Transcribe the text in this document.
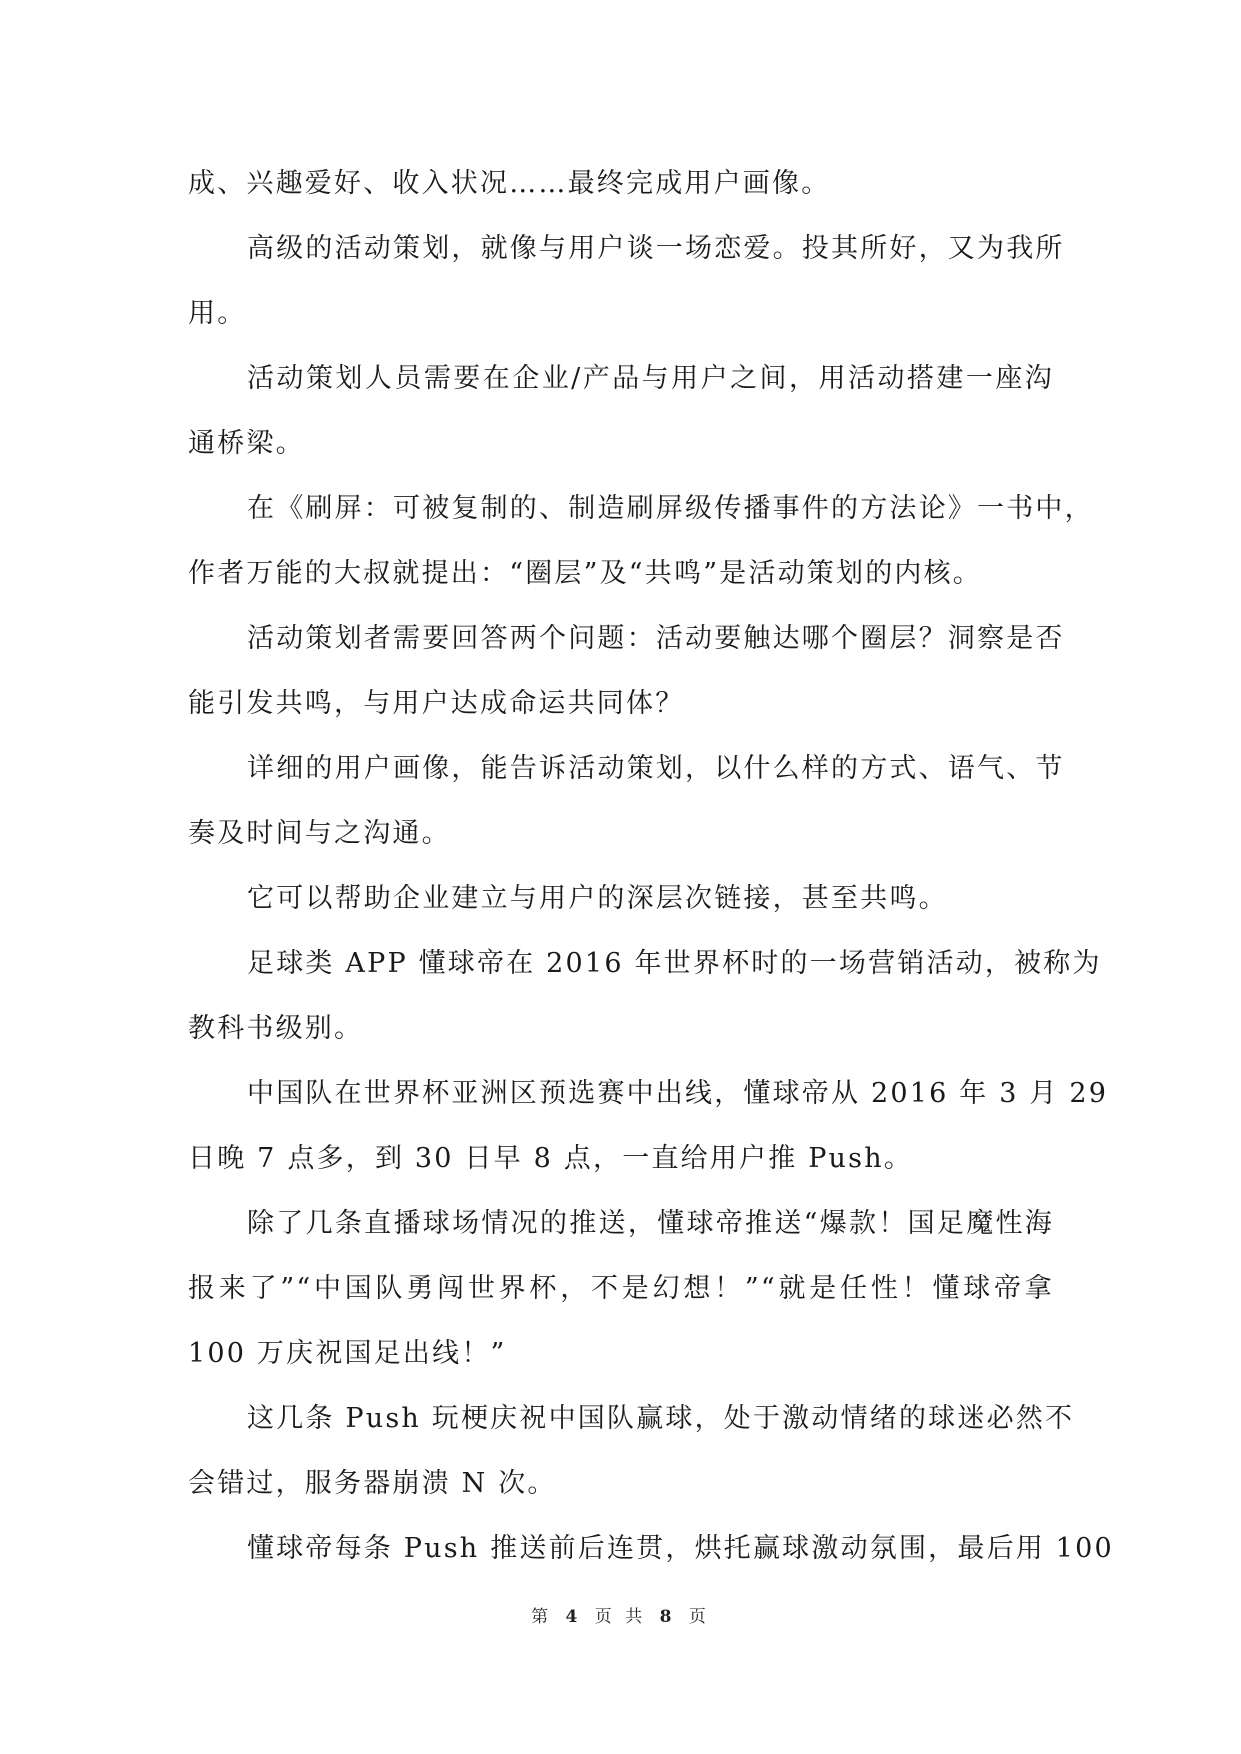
成、兴趣爱好、收入状况……最终完成用户画像。
高级的活动策划，就像与用户谈一场恋爱。投其所好，又为我所
用。
活动策划人员需要在企业/产品与用户之间，用活动搭建一座沟
通桥梁。
在《刷屏：可被复制的、制造刷屏级传播事件的方法论》一书中，
作者万能的大叔就提出：“圈层”及“共鸣”是活动策划的内核。
活动策划者需要回答两个问题：活动要触达哪个圈层？洞察是否
能引发共鸣，与用户达成命运共同体？
详细的用户画像，能告诉活动策划，以什么样的方式、语气、节
奏及时间与之沟通。
它可以帮助企业建立与用户的深层次链接，甚至共鸣。
足球类 APP 懂球帝在 2016 年世界杯时的一场营销活动，被称为
教科书级别。
中国队在世界杯亚洲区预选赛中出线，懂球帝从 2016 年 3 月 29
日晚 7 点多，到 30 日早 8 点，一直给用户推 Push。
除了几条直播球场情况的推送，懂球帝推送“爆款！国足魔性海
报来了”“中国队勇闯世界杯，不是幻想！”“就是任性！懂球帝拿
100 万庆祝国足出线！”
这几条 Push 玩梗庆祝中国队赢球，处于激动情绪的球迷必然不
会错过，服务器崩溃 N 次。
懂球帝每条 Push 推送前后连贯，烘托赢球激动氛围，最后用 100
第 4 页 共 8 页
